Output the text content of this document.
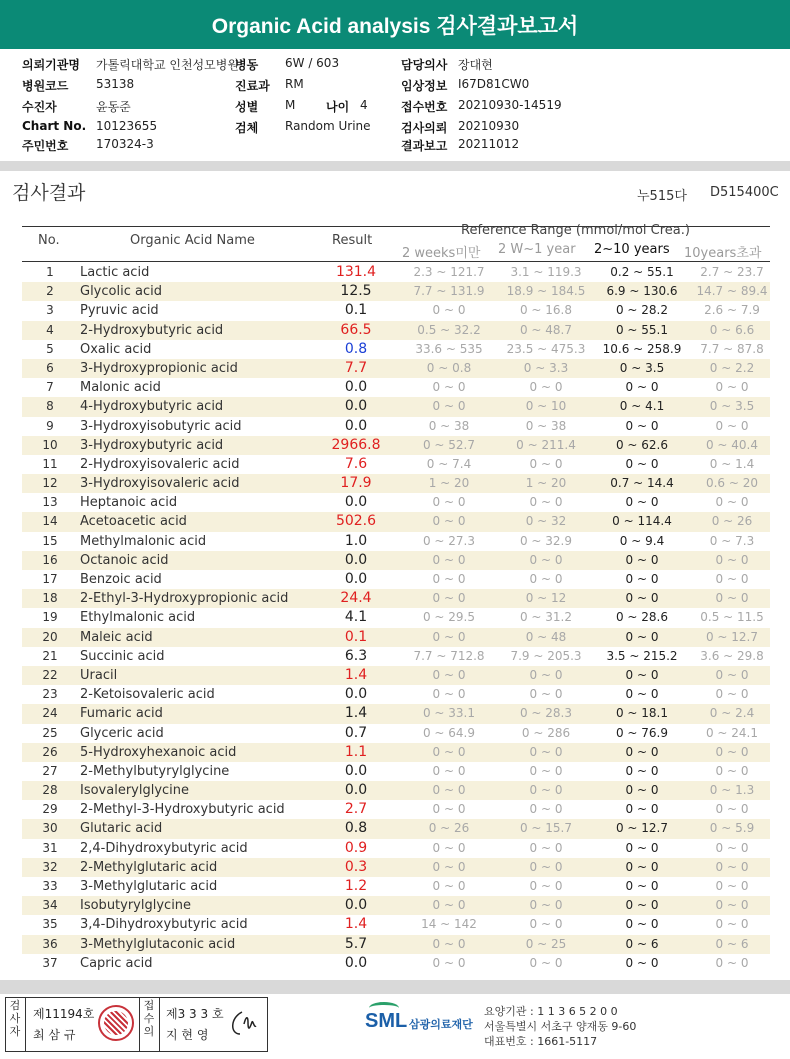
Organic Acid analysis 검사결과보고서
의뢰기관명 가톨릭대학교 인천성모병원
병동 6W / 603	담당의사 장대현
병원코드 53138	진료과 RM	임상정보 I67D81CW0
수진자	윤동준	성별 M	나이 4	접수번호 20210930-14519
Chart No. 10123655	검체 Random Urine	검사의뢰 20210930
주민번호 170324-3	결과보고 20211012
검사결과	누515다 D515400C
No.	Organic Acid Name	Result
Reference Range (mmol/mol Crea.)
2 weeks미만 2 W~1 year 2~10 years 10years초과
1	Lactic acid	131.4	2.3 ~ 121.7	3.1 ~ 119.3	0.2 ~ 55.1	2.7 ~ 23.7
2	Glycolic acid	12.5	7.7 ~ 131.9	18.9 ~ 184.5	6.9 ~ 130.6	14.7 ~ 89.4
3	Pyruvic acid	0.1	0 ~ 0	0 ~ 16.8	0 ~ 28.2	2.6 ~ 7.9
4	2-Hydroxybutyric acid	66.5	0.5 ~ 32.2	0 ~ 48.7	0 ~ 55.1	0 ~ 6.6
5	Oxalic acid	0.8	33.6 ~ 535	23.5 ~ 475.3	10.6 ~ 258.9	7.7 ~ 87.8
6	3-Hydroxypropionic acid	7.7	0 ~ 0.8	0 ~ 3.3	0 ~ 3.5	0 ~ 2.2
7	Malonic acid	0.0	0 ~ 0	0 ~ 0	0 ~ 0	0 ~ 0
8	4-Hydroxybutyric acid	0.0	0 ~ 0	0 ~ 10	0 ~ 4.1	0 ~ 3.5
9	3-Hydroxyisobutyric acid	0.0	0 ~ 38	0 ~ 38	0 ~ 0	0 ~ 0
10	3-Hydroxybutyric acid	2966.8	0 ~ 52.7	0 ~ 211.4	0 ~ 62.6	0 ~ 40.4
11	2-Hydroxyisovaleric acid	7.6	0 ~ 7.4	0 ~ 0	0 ~ 0	0 ~ 1.4
12	3-Hydroxyisovaleric acid	17.9	1 ~ 20	1 ~ 20	0.7 ~ 14.4	0.6 ~ 20
13	Heptanoic acid	0.0	0 ~ 0	0 ~ 0	0 ~ 0	0 ~ 0
14	Acetoacetic acid	502.6	0 ~ 0	0 ~ 32	0 ~ 114.4	0 ~ 26
15	Methylmalonic acid	1.0	0 ~ 27.3	0 ~ 32.9	0 ~ 9.4	0 ~ 7.3
16	Octanoic acid	0.0	0 ~ 0	0 ~ 0	0 ~ 0	0 ~ 0
17	Benzoic acid	0.0	0 ~ 0	0 ~ 0	0 ~ 0	0 ~ 0
18	2-Ethyl-3-Hydroxypropionic acid	24.4	0 ~ 0	0 ~ 12	0 ~ 0	0 ~ 0
19	Ethylmalonic acid	4.1	0 ~ 29.5	0 ~ 31.2	0 ~ 28.6	0.5 ~ 11.5
20	Maleic acid	0.1	0 ~ 0	0 ~ 48	0 ~ 0	0 ~ 12.7
21	Succinic acid	6.3	7.7 ~ 712.8	7.9 ~ 205.3	3.5 ~ 215.2	3.6 ~ 29.8
22	Uracil	1.4	0 ~ 0	0 ~ 0	0 ~ 0	0 ~ 0
23	2-Ketoisovaleric acid	0.0	0 ~ 0	0 ~ 0	0 ~ 0	0 ~ 0
24	Fumaric acid	1.4	0 ~ 33.1	0 ~ 28.3	0 ~ 18.1	0 ~ 2.4
25	Glyceric acid	0.7	0 ~ 64.9	0 ~ 286	0 ~ 76.9	0 ~ 24.1
26	5-Hydroxyhexanoic acid	1.1	0 ~ 0	0 ~ 0	0 ~ 0	0 ~ 0
27	2-Methylbutyrylglycine	0.0	0 ~ 0	0 ~ 0	0 ~ 0	0 ~ 0
28	Isovalerylglycine	0.0	0 ~ 0	0 ~ 0	0 ~ 0	0 ~ 1.3
29	2-Methyl-3-Hydroxybutyric acid	2.7	0 ~ 0	0 ~ 0	0 ~ 0	0 ~ 0
30	Glutaric acid	0.8	0 ~ 26	0 ~ 15.7	0 ~ 12.7	0 ~ 5.9
31	2,4-Dihydroxybutyric acid	0.9	0 ~ 0	0 ~ 0	0 ~ 0	0 ~ 0
32	2-Methylglutaric acid	0.3	0 ~ 0	0 ~ 0	0 ~ 0	0 ~ 0
33	3-Methylglutaric acid	1.2	0 ~ 0	0 ~ 0	0 ~ 0	0 ~ 0
34	Isobutyrylglycine	0.0	0 ~ 0	0 ~ 0	0 ~ 0	0 ~ 0
35	3,4-Dihydroxybutyric acid	1.4	14 ~ 142	0 ~ 0	0 ~ 0	0 ~ 0
36	3-Methylglutaconic acid	5.7	0 ~ 0	0 ~ 25	0 ~ 6	0 ~ 6
37	Capric acid	0.0	0 ~ 0	0 ~ 0	0 ~ 0	0 ~ 0
검사자
제11194호
최 삼 규
접수의
제3 3 3 호
지 현 영
SML 삼광의료재단
요양기관 : 1 1 3 6 5 2 0 0
서울특별시 서초구 양재동 9-60
대표번호 : 1661-5117
